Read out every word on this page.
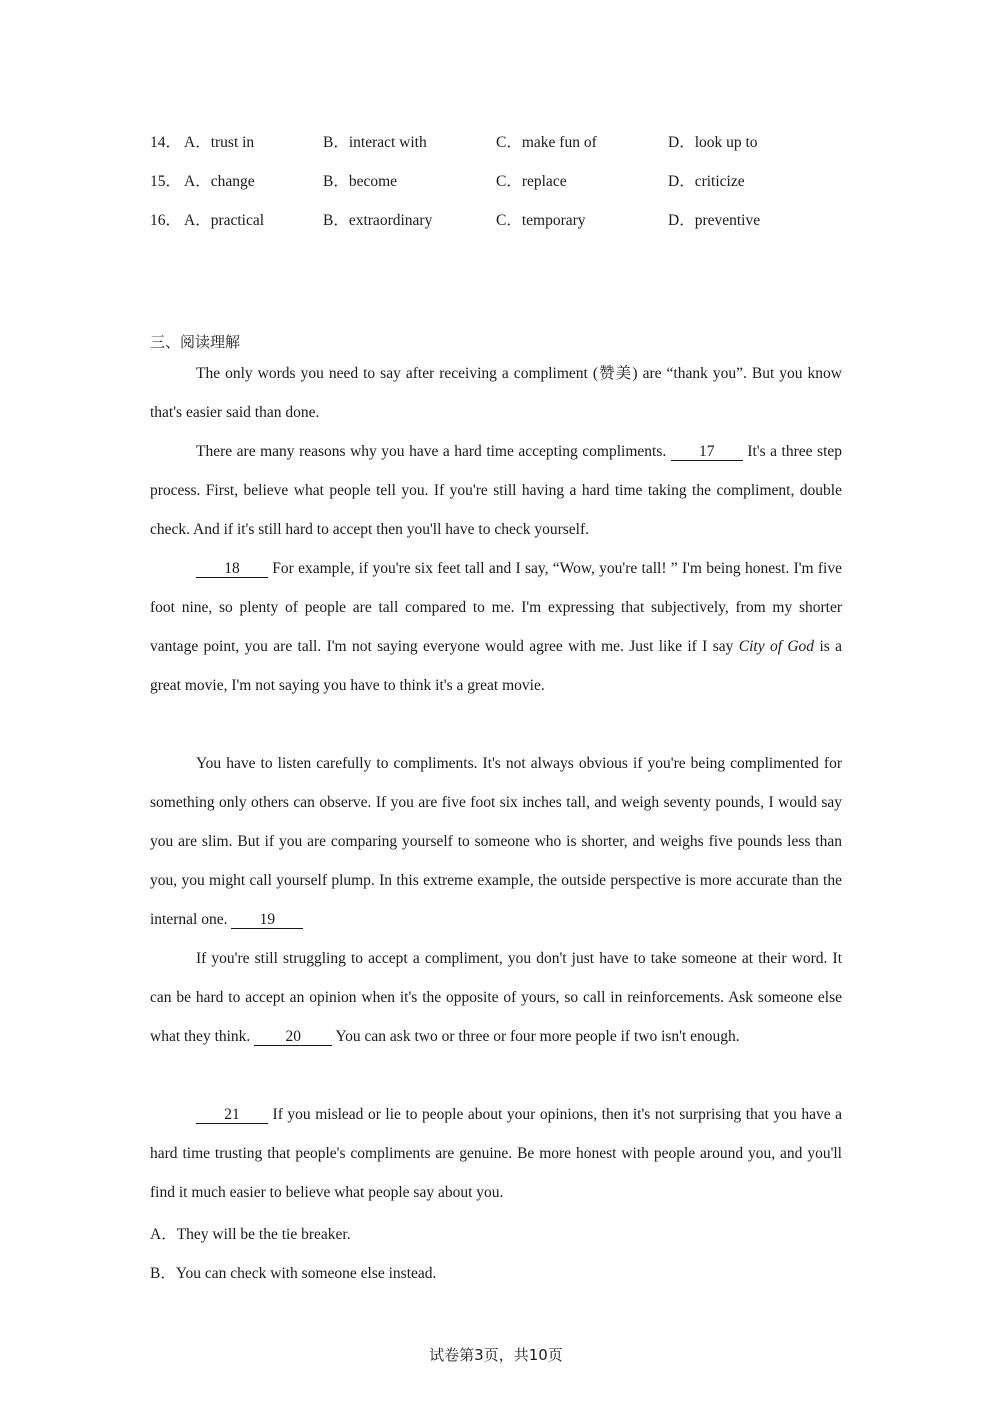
14． A．trust in	B．interact with	C．make fun of	D．look up to
15． A．change	B．become	C．replace	D．criticize
16． A．practical	B．extraordinary	C．temporary	D．preventive
三、阅读理解

The only words you need to say after receiving a compliment (赞美) are “thank you”. But you know that's easier said than done.

There are many reasons why you have a hard time accepting compliments. 17 It's a three step process. First, believe what people tell you. If you're still having a hard time taking the compliment, double check. And if it's still hard to accept then you'll have to check yourself.

18 For example, if you're six feet tall and I say, “Wow, you're tall! ” I'm being honest. I'm five foot nine, so plenty of people are tall compared to me. I'm expressing that subjectively, from my shorter vantage point, you are tall. I'm not saying everyone would agree with me. Just like if I say City of God is a great movie, I'm not saying you have to think it's a great movie.

You have to listen carefully to compliments. It's not always obvious if you're being complimented for something only others can observe. If you are five foot six inches tall, and weigh seventy pounds, I would say you are slim. But if you are comparing yourself to someone who is shorter, and weighs five pounds less than you, you might call yourself plump. In this extreme example, the outside perspective is more accurate than the internal one. 19

If you're still struggling to accept a compliment, you don't just have to take someone at their word. It can be hard to accept an opinion when it's the opposite of yours, so call in reinforcements. Ask someone else what they think. 20 You can ask two or three or four more people if two isn't enough.

21 If you mislead or lie to people about your opinions, then it's not surprising that you have a hard time trusting that people's compliments are genuine. Be more honest with people around you, and you'll find it much easier to believe what people say about you.

A．They will be the tie breaker.
B．You can check with someone else instead.
试卷第3页，共10页
